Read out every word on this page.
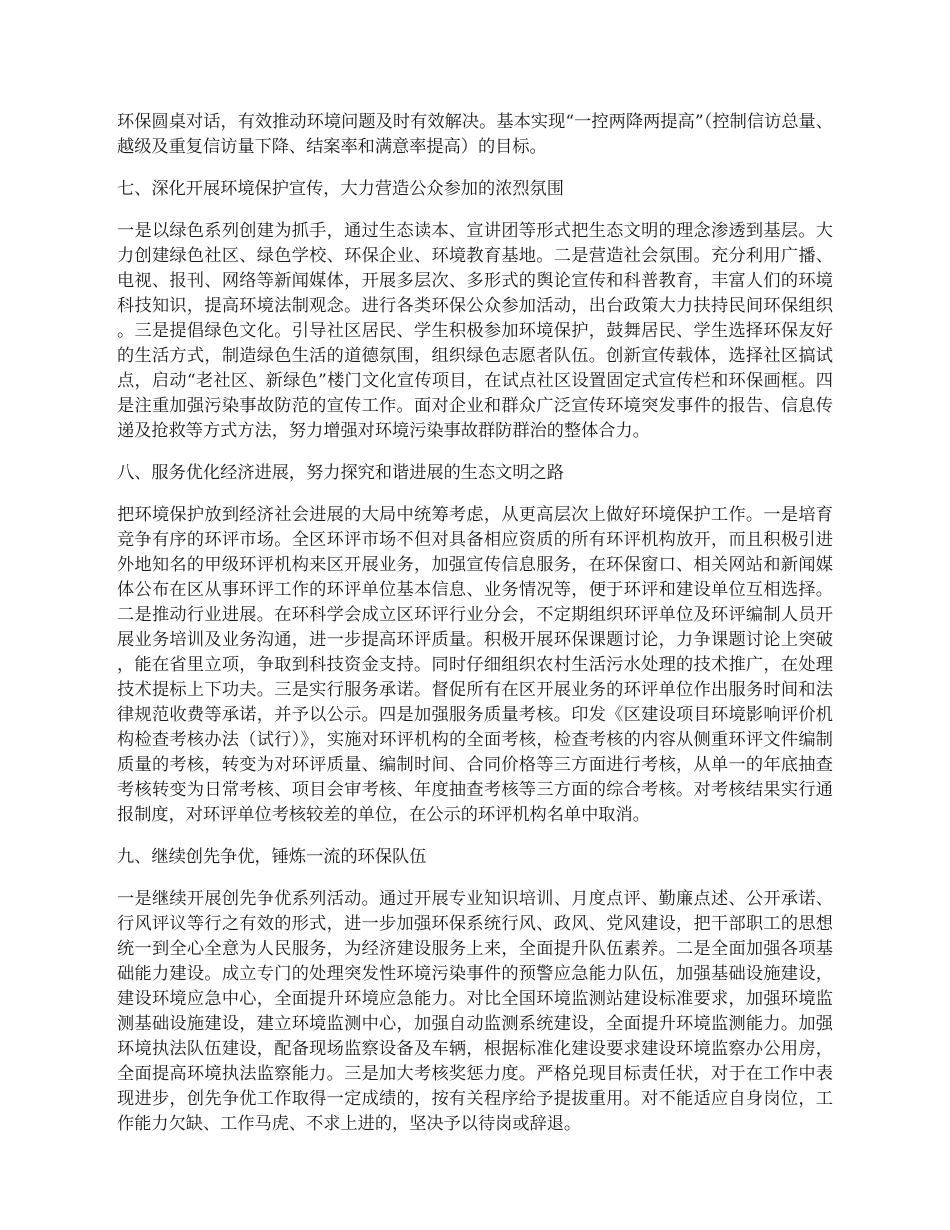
环保圆桌对话，有效推动环境问题及时有效解决。基本实现“一控两降两提高”（控制信访总量、越级及重复信访量下降、结案率和满意率提高）的目标。

七、深化开展环境保护宣传，大力营造公众参加的浓烈氛围

一是以绿色系列创建为抓手，通过生态读本、宣讲团等形式把生态文明的理念渗透到基层。大力创建绿色社区、绿色学校、环保企业、环境教育基地。二是营造社会氛围。充分利用广播、电视、报刊、网络等新闻媒体，开展多层次、多形式的舆论宣传和科普教育，丰富人们的环境科技知识，提高环境法制观念。进行各类环保公众参加活动，出台政策大力扶持民间环保组织。三是提倡绿色文化。引导社区居民、学生积极参加环境保护，鼓舞居民、学生选择环保友好的生活方式，制造绿色生活的道德氛围，组织绿色志愿者队伍。创新宣传载体，选择社区搞试点，启动“老社区、新绿色”楼门文化宣传项目，在试点社区设置固定式宣传栏和环保画框。四是注重加强污染事故防范的宣传工作。面对企业和群众广泛宣传环境突发事件的报告、信息传递及抢救等方式方法，努力增强对环境污染事故群防群治的整体合力。

八、服务优化经济进展，努力探究和谐进展的生态文明之路

把环境保护放到经济社会进展的大局中统筹考虑，从更高层次上做好环境保护工作。一是培育竞争有序的环评市场。全区环评市场不但对具备相应资质的所有环评机构放开，而且积极引进外地知名的甲级环评机构来区开展业务，加强宣传信息服务，在环保窗口、相关网站和新闻媒体公布在区从事环评工作的环评单位基本信息、业务情况等，便于环评和建设单位互相选择。二是推动行业进展。在环科学会成立区环评行业分会，不定期组织环评单位及环评编制人员开展业务培训及业务沟通，进一步提高环评质量。积极开展环保课题讨论，力争课题讨论上突破，能在省里立项，争取到科技资金支持。同时仔细组织农村生活污水处理的技术推广，在处理技术提标上下功夫。三是实行服务承诺。督促所有在区开展业务的环评单位作出服务时间和法律规范收费等承诺，并予以公示。四是加强服务质量考核。印发《区建设项目环境影响评价机构检查考核办法（试行）》，实施对环评机构的全面考核，检查考核的内容从侧重环评文件编制质量的考核，转变为对环评质量、编制时间、合同价格等三方面进行考核，从单一的年底抽查考核转变为日常考核、项目会审考核、年度抽查考核等三方面的综合考核。对考核结果实行通报制度，对环评单位考核较差的单位，在公示的环评机构名单中取消。

九、继续创先争优，锤炼一流的环保队伍

一是继续开展创先争优系列活动。通过开展专业知识培训、月度点评、勤廉点述、公开承诺、行风评议等行之有效的形式，进一步加强环保系统行风、政风、党风建设，把干部职工的思想统一到全心全意为人民服务，为经济建设服务上来，全面提升队伍素养。二是全面加强各项基础能力建设。成立专门的处理突发性环境污染事件的预警应急能力队伍，加强基础设施建设，建设环境应急中心，全面提升环境应急能力。对比全国环境监测站建设标准要求，加强环境监测基础设施建设，建立环境监测中心，加强自动监测系统建设，全面提升环境监测能力。加强环境执法队伍建设，配备现场监察设备及车辆，根据标准化建设要求建设环境监察办公用房，全面提高环境执法监察能力。三是加大考核奖惩力度。严格兑现目标责任状，对于在工作中表现进步，创先争优工作取得一定成绩的，按有关程序给予提拔重用。对不能适应自身岗位，工作能力欠缺、工作马虎、不求上进的，坚决予以待岗或辞退。
